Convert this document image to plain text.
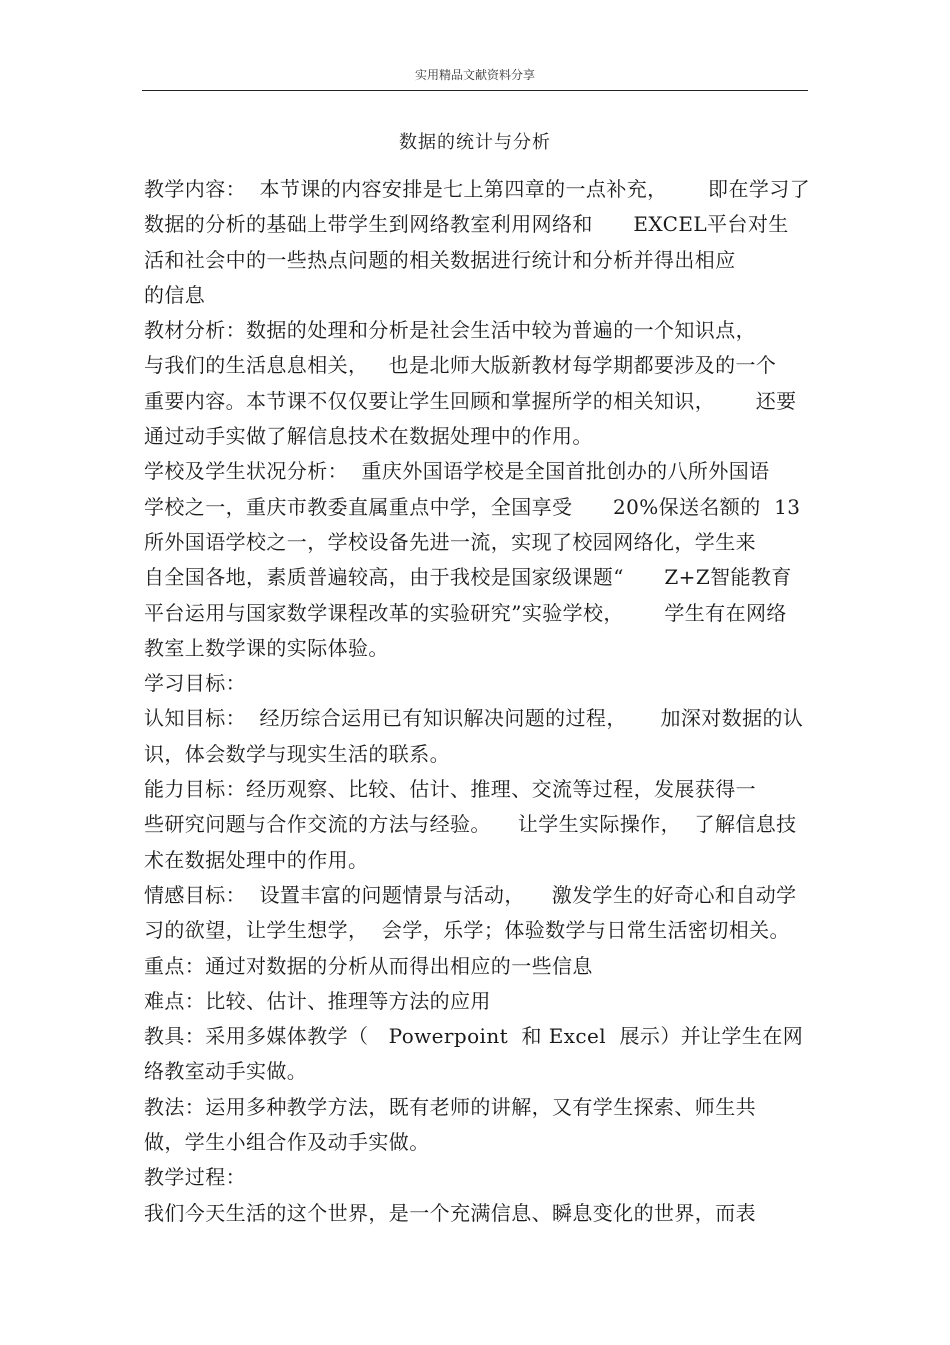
实用精品文献资料分享
数据的统计与分析
教学内容：  本节课的内容安排是七上第四章的一点补充，      即在学习了
数据的分析的基础上带学生到网络教室利用网络和      EXCEL平台对生
活和社会中的一些热点问题的相关数据进行统计和分析并得出相应
的信息
教材分析：数据的处理和分析是社会生活中较为普遍的一个知识点，
与我们的生活息息相关，   也是北师大版新教材每学期都要涉及的一个
重要内容。本节课不仅仅要让学生回顾和掌握所学的相关知识，      还要
通过动手实做了解信息技术在数据处理中的作用。
学校及学生状况分析：  重庆外国语学校是全国首批创办的八所外国语
学校之一，重庆市教委直属重点中学，全国享受      20%保送名额的  13
所外国语学校之一，学校设备先进一流，实现了校园网络化，学生来
自全国各地，素质普遍较高，由于我校是国家级课题“      Z+Z智能教育
平台运用与国家数学课程改革的实验研究”实验学校，      学生有在网络
教室上数学课的实际体验。
学习目标：
认知目标：  经历综合运用已有知识解决问题的过程，     加深对数据的认
识，体会数学与现实生活的联系。
能力目标：经历观察、比较、估计、推理、交流等过程，发展获得一
些研究问题与合作交流的方法与经验。    让学生实际操作，  了解信息技
术在数据处理中的作用。
情感目标：  设置丰富的问题情景与活动，    激发学生的好奇心和自动学
习的欲望，让学生想学，  会学，乐学；体验数学与日常生活密切相关。
重点：通过对数据的分析从而得出相应的一些信息
难点：比较、估计、推理等方法的应用
教具：采用多媒体教学（   Powerpoint  和 Excel  展示）并让学生在网
络教室动手实做。
教法：运用多种教学方法，既有老师的讲解，又有学生探索、师生共
做，学生小组合作及动手实做。
教学过程：
我们今天生活的这个世界，是一个充满信息、瞬息变化的世界，而表
